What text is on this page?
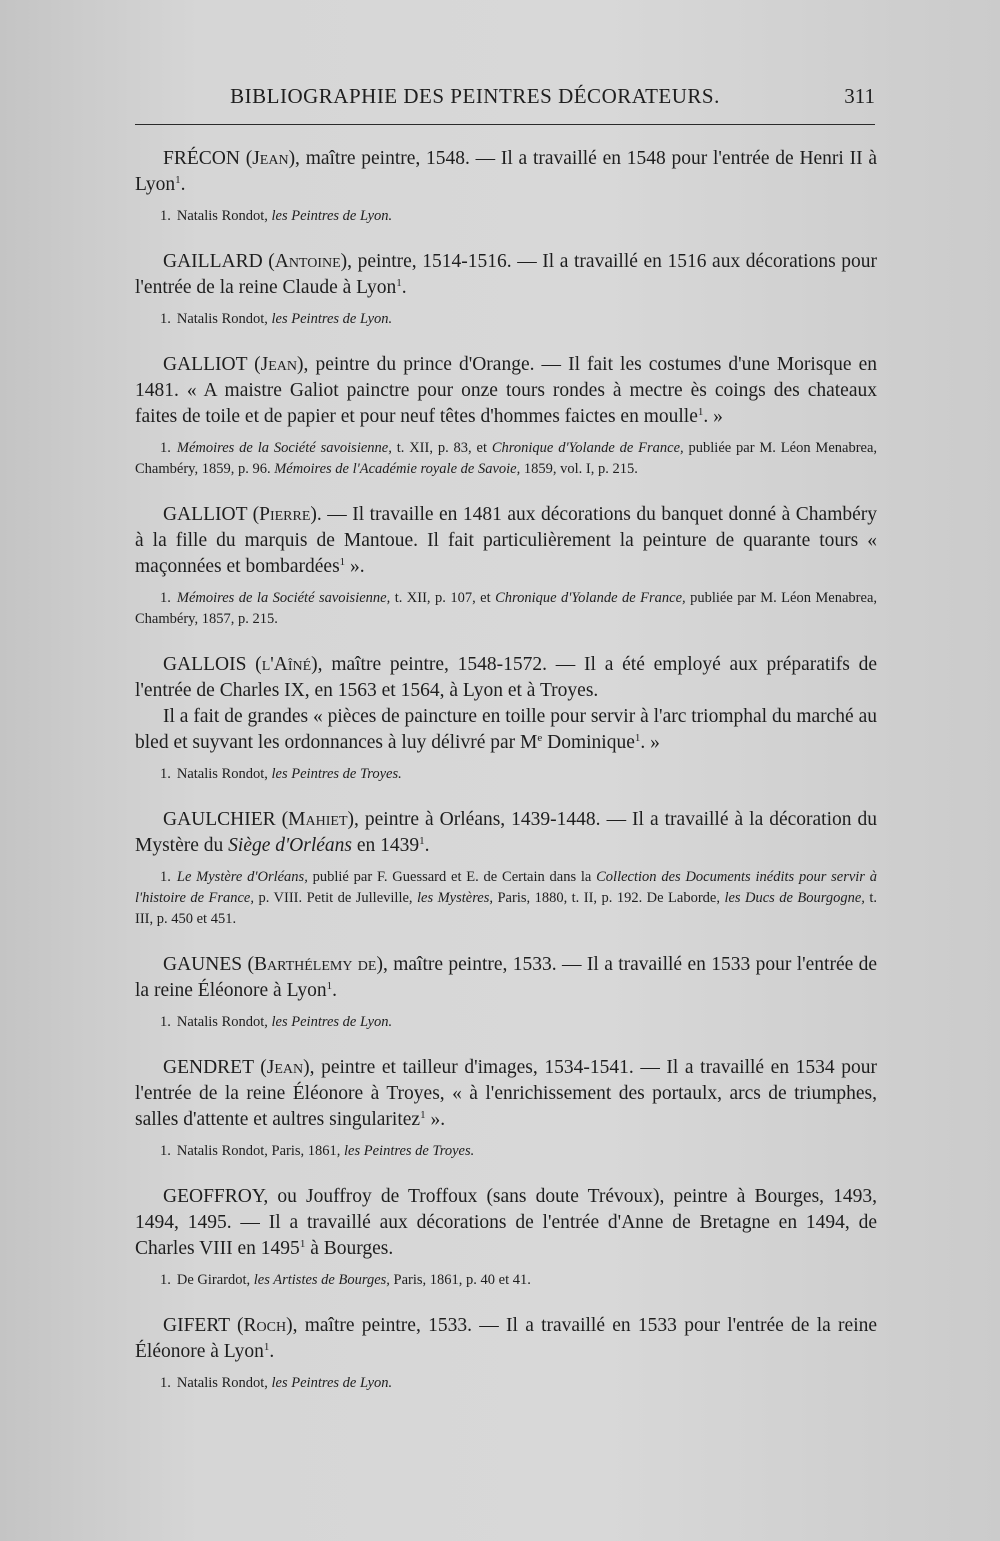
BIBLIOGRAPHIE DES PEINTRES DÉCORATEURS.	311

FRÉCON (Jean), maître peintre, 1548. — Il a travaillé en 1548 pour l'entrée de Henri II à Lyon$^1$.

1. Natalis Rondot, les Peintres de Lyon.

GAILLARD (Antoine), peintre, 1514-1516. — Il a travaillé en 1516 aux décorations pour l'entrée de la reine Claude à Lyon$^1$.

1. Natalis Rondot, les Peintres de Lyon.

GALLIOT (Jean), peintre du prince d'Orange. — Il fait les costumes d'une Morisque en 1481. « A maistre Galiot painctre pour onze tours rondes à mectre ès coings des chateaux faites de toile et de papier et pour neuf têtes d'hommes faictes en moulle$^1$. »

1. Mémoires de la Société savoisienne, t. XII, p. 83, et Chronique d'Yolande de France, publiée par M. Léon Menabrea, Chambéry, 1859, p. 96. Mémoires de l'Académie royale de Savoie, 1859, vol. I, p. 215.

GALLIOT (Pierre). — Il travaille en 1481 aux décorations du banquet donné à Chambéry à la fille du marquis de Mantoue. Il fait particulièrement la peinture de quarante tours « maçonnées et bombardées$^1$ ».

1. Mémoires de la Société savoisienne, t. XII, p. 107, et Chronique d'Yolande de France, publiée par M. Léon Menabrea, Chambéry, 1857, p. 215.

GALLOIS (l'Aîné), maître peintre, 1548-1572. — Il a été employé aux préparatifs de l'entrée de Charles IX, en 1563 et 1564, à Lyon et à Troyes.

Il a fait de grandes « pièces de paincture en toille pour servir à l'arc triomphal du marché au bled et suyvant les ordonnances à luy délivré par Me Dominique$^1$. »

1. Natalis Rondot, les Peintres de Troyes.

GAULCHIER (Mahiet), peintre à Orléans, 1439-1448. — Il a travaillé à la décoration du Mystère du Siège d'Orléans en 1439$^1$.

1. Le Mystère d'Orléans, publié par F. Guessard et E. de Certain dans la Collection des Documents inédits pour servir à l'histoire de France, p. VIII. Petit de Julleville, les Mystères, Paris, 1880, t. II, p. 192. De Laborde, les Ducs de Bourgogne, t. III, p. 450 et 451.

GAUNES (Barthélemy de), maître peintre, 1533. — Il a travaillé en 1533 pour l'entrée de la reine Éléonore à Lyon$^1$.

1. Natalis Rondot, les Peintres de Lyon.

GENDRET (Jean), peintre et tailleur d'images, 1534-1541. — Il a travaillé en 1534 pour l'entrée de la reine Éléonore à Troyes, « à l'enrichissement des portaulx, arcs de triumphes, salles d'attente et aultres singularitez$^1$ ».

1. Natalis Rondot, Paris, 1861, les Peintres de Troyes.

GEOFFROY, ou Jouffroy de Troffoux (sans doute Trévoux), peintre à Bourges, 1493, 1494, 1495. — Il a travaillé aux décorations de l'entrée d'Anne de Bretagne en 1494, de Charles VIII en 1495$^1$ à Bourges.

1. De Girardot, les Artistes de Bourges, Paris, 1861, p. 40 et 41.

GIFERT (Roch), maître peintre, 1533. — Il a travaillé en 1533 pour l'entrée de la reine Éléonore à Lyon$^1$.

1. Natalis Rondot, les Peintres de Lyon.
